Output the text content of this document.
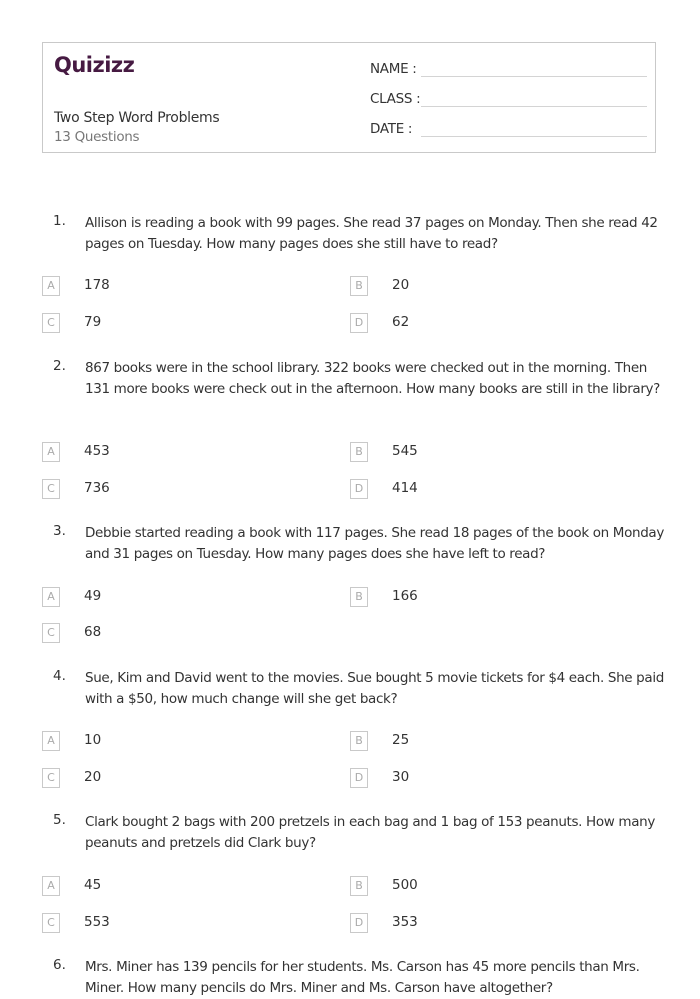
Quizizz
Two Step Word Problems
13 Questions
NAME :
CLASS :
DATE :
1. Allison is reading a book with 99 pages. She read 37 pages on Monday. Then she read 42 pages on Tuesday. How many pages does she still have to read?
A	178	B	20
C	79	D	62
2. 867 books were in the school library. 322 books were checked out in the morning. Then 131 more books were check out in the afternoon. How many books are still in the library?
A	453	B	545
C	736	D	414
3. Debbie started reading a book with 117 pages. She read 18 pages of the book on Monday and 31 pages on Tuesday. How many pages does she have left to read?
A	49	B	166
C	68
4. Sue, Kim and David went to the movies. Sue bought 5 movie tickets for $4 each. She paid with a $50, how much change will she get back?
A	10	B	25
C	20	D	30
5. Clark bought 2 bags with 200 pretzels in each bag and 1 bag of 153 peanuts. How many peanuts and pretzels did Clark buy?
A	45	B	500
C	553	D	353
6. Mrs. Miner has 139 pencils for her students. Ms. Carson has 45 more pencils than Mrs. Miner. How many pencils do Mrs. Miner and Ms. Carson have altogether?
